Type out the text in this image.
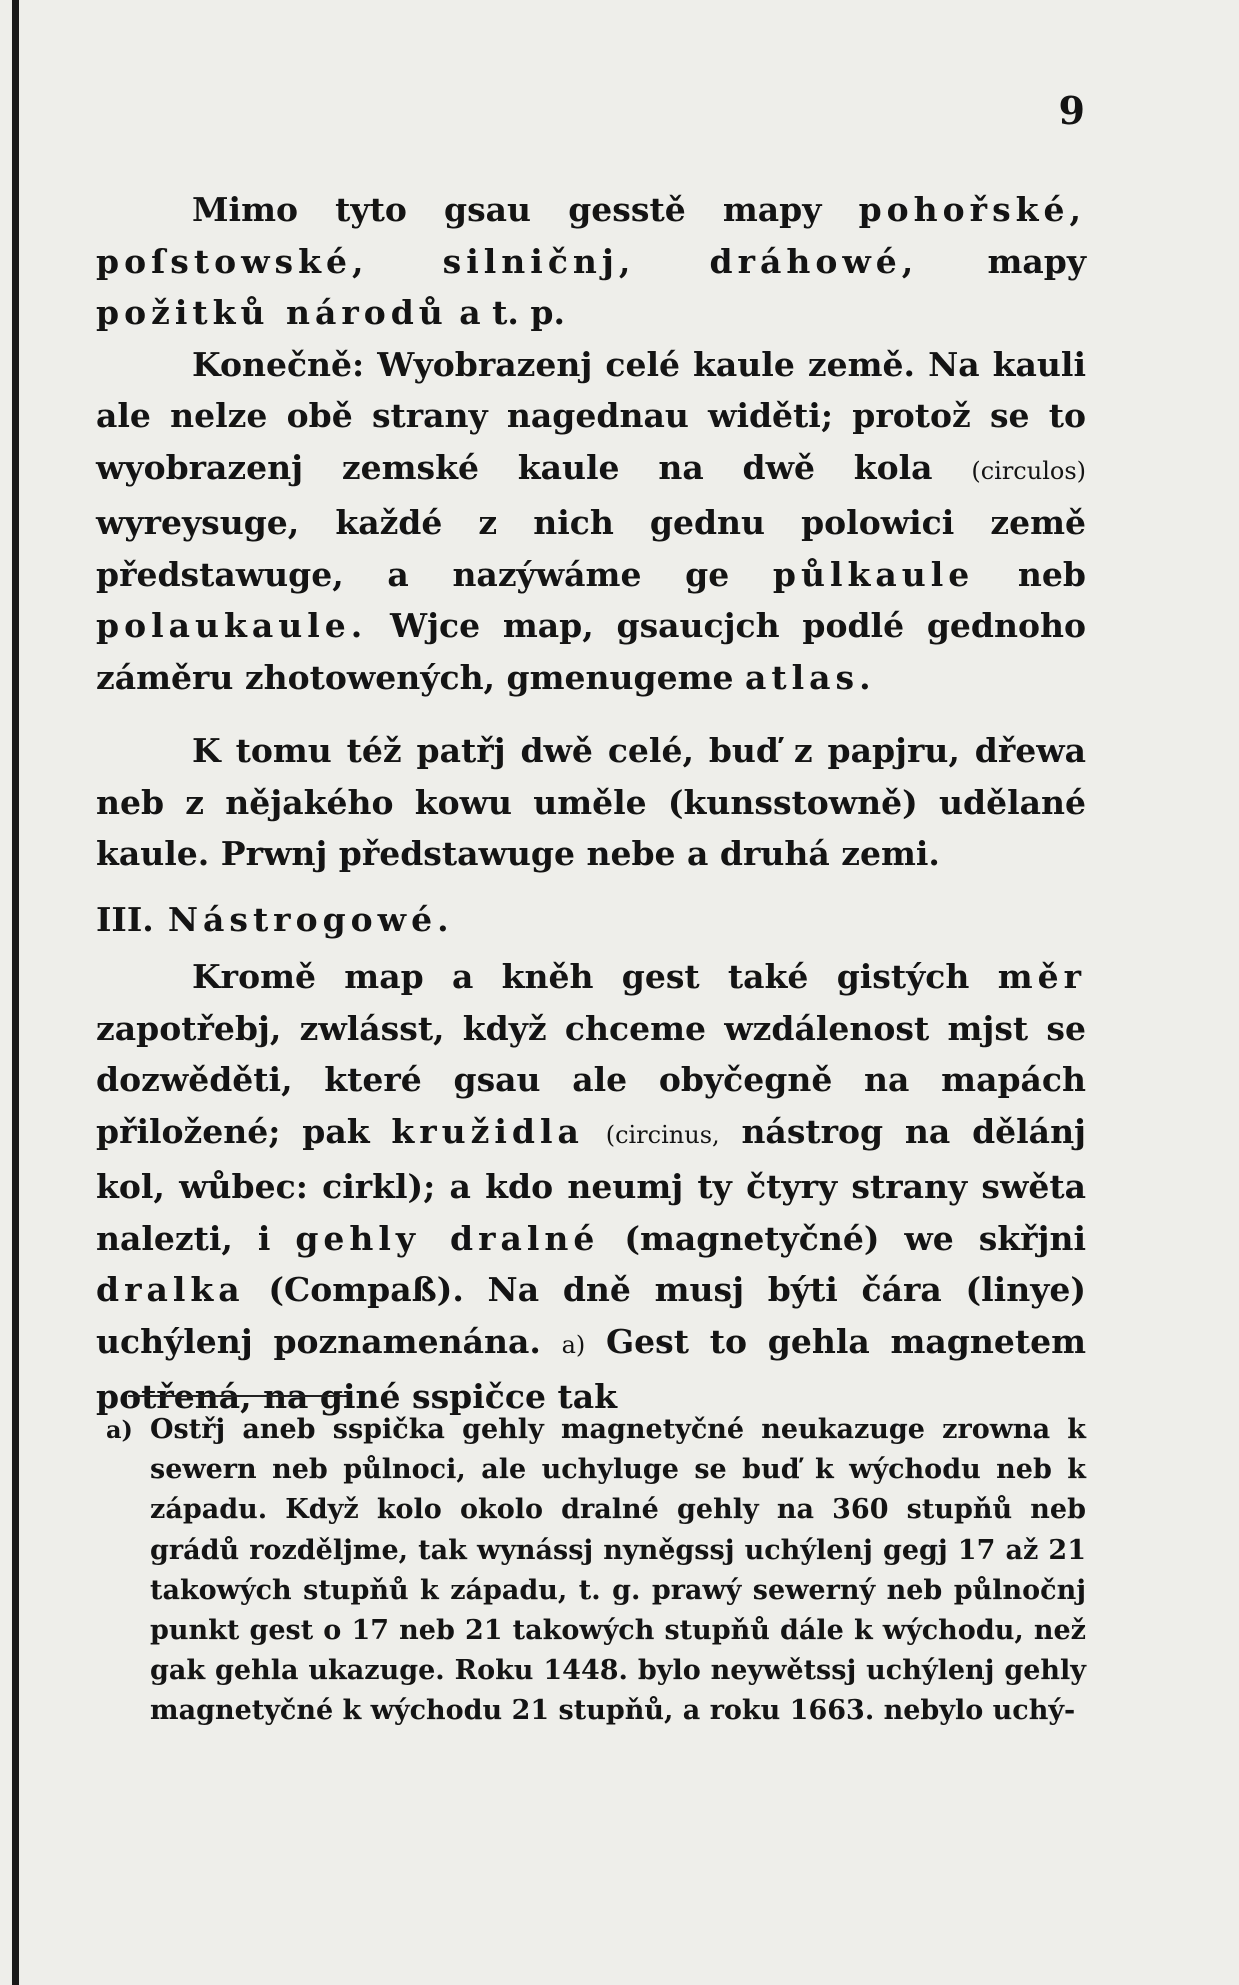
9

Mimo tyto gsau gesstě mapy pohořské, poſstowské, silničnj, dráhowé, mapy požitků národů a t. p.

Konečně: Wyobrazenj celé kaule země. Na kauli ale nelze obě strany nagednau widěti; protož se to wyobrazenj zemské kaule na dwě kola (circulos) wyreysuge, každé z nich gednu polowici země předstawuge, a nazýwáme ge půlkaule neb polaukaule. Wjce map, gsaucjch podlé gednoho záměru zhotowených, gmenugeme atlas.

K tomu též patřj dwě celé, buď z papjru, dřewa neb z nějakého kowu uměle (kunsstowně) udělané kaule. Prwnj předstawuge nebe a druhá zemi.

III. Nástrogowé.

Kromě map a kněh gest také gistých měr zapotřebj, zwlásst, když chceme wzdálenost mjst se dozwěděti, které gsau ale obyčegně na mapách přiložené; pak kružidla (circinus, nástrog na dělánj kol, wůbec: cirkl); a kdo neumj ty čtyry strany swěta nalezti, i gehly dralné (magnetyčné) we skřjni dralka (Compaß). Na dně musj býti čára (linye) uchýlenj poznamenána. a) Gest to gehla magnetem potřená, na giné sspičce tak

a) Ostřj aneb sspička gehly magnetyčné neukazuge zrowna k sewern neb půlnoci, ale uchyluge se buď k wýchodu neb k západu. Když kolo okolo dralné gehly na 360 stupňů neb grádů rozdělјme, tak wynássj nyněgssj uchýlenj gegj 17 až 21 takowých stupňů k západu, t. g. prawý sewerný neb půlnočnj punkt gest o 17 neb 21 takowých stupňů dále k wýchodu, než gak gehla ukazuge. Roku 1448. bylo neywětssj uchýlenj gehly magnetyčné k wýchodu 21 stupňů, a roku 1663. nebylo uchý-
